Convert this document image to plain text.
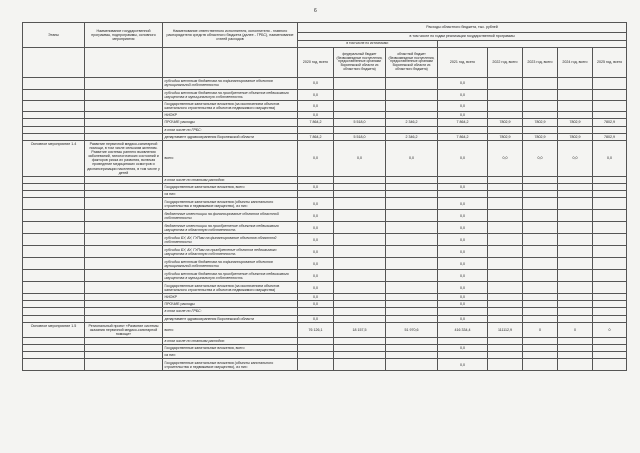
6
Этапы	Наименование государственной программы, подпрограммы, основного мероприятия	Наименование ответственного исполнителя, исполнителя - главного распорядителя средств областного бюджета (далее - ГРБС), наименование статей расходов	Расходы областного бюджета, тыс. рублей							
			в том числе по годам реализации государственной программы							
			в том числе по источникам:							
			2020 год, всего	федеральный бюджет (безвозмездные поступления, предоставленные органами Воронежской области из областного бюджета)	областной бюджет (безвозмездные поступления, предоставленные органами Воронежской области из областного бюджета)	2021 год, всего	2022 год, всего	2023 год, всего	2024 год, всего	2025 год, всего
		субсидии местным бюджетам на софинансирование объектов муниципальной собственности	0,0			0,0				
		субсидии местным бюджетам на приобретение объектов недвижимого имущества в муниципальную собственность	0,0			0,0				
		Государственные капитальные вложения (за исключением объектов капитального строительства и объектов недвижимого имущества)	0,0			0,0				
		НИОКР	0,0			0,0				
		ПРОЧИЕ расходы	7 864,2	5 518,0	2 346,2	7 864,2	7802,9	7802,9	7802,9	7802,9
		в том числе по ГРБС:								
		департамент здравоохранения Воронежской области	7 864,2	5 518,0	2 346,2	7 864,2	7802,9	7802,9	7802,9	7802,9
Основное мероприятие 1.4	Развитие первичной медико-санитарной помощи, в том числе сельским жителям. Развитие системы раннего выявления заболеваний, патологических состояний и факторов риска их развития, включая проведение медицинских осмотров и диспансеризации населения, в том числе у детей	всего	0,0	0,0	0,0	0,0	0,0	0,0	0,0	0,0
		в том числе по статьям расходов:								
		Государственные капитальные вложения, всего	0,0			0,0				
		из них:								
		Государственные капитальные вложения (объекты капитального строительства и недвижимое имущество), из них:	0,0			0,0				
		бюджетные инвестиции на финансирование объектов областной собственности	0,0			0,0				
		бюджетные инвестиции на приобретение объектов недвижимого имущества в областную собственность	0,0			0,0				
		субсидии БУ, АУ, ГУПам на финансирование объектов областной собственности	0,0			0,0				
		субсидии БУ, АУ, ГУПам на приобретение объектов недвижимого имущества в областную собственность	0,0			0,0				
		субсидии местным бюджетам на софинансирование объектов муниципальной собственности	0,0			0,0				
		субсидии местным бюджетам на приобретение объектов недвижимого имущества в муниципальную собственность	0,0			0,0				
		Государственные капитальные вложения (за исключением объектов капитального строительства и объектов недвижимого имущества)	0,0			0,0				
		НИОКР	0,0			0,0				
		ПРОЧИЕ расходы	0,0			0,0				
		в том числе по ГРБС:								
		департамент здравоохранения Воронежской области	0,0			0,0				
Основное мероприятие 1.5	Региональный проект «Развитие системы оказания первичной медико-санитарной помощи»	всего	76 126,1	18 157,5	51 970,6	416 334,4	111112,9	0	0	0
		в том числе по статьям расходов:								
		Государственные капитальные вложения, всего				0,0				
		из них:								
		Государственные капитальные вложения (объекты капитального строительства и недвижимое имущество), из них:				0,0				
